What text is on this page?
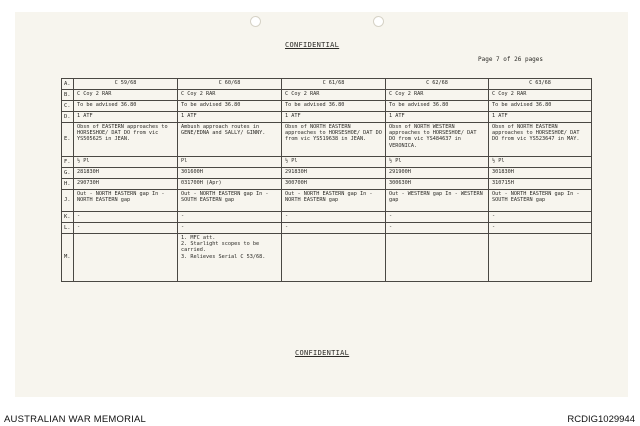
CONFIDENTIAL
Page 7 of 26 pages
A.	C 59/68	C 60/68	C 61/68	C 62/68	C 63/68
B.	C Coy 2 RAR	C Coy 2 RAR	C Coy 2 RAR	C Coy 2 RAR	C Coy 2 RAR
C.	To be advised 36.80	To be advised 36.80	To be advised 36.80	To be advised 36.80	To be advised 36.80
D.	1 ATF	1 ATF	1 ATF	1 ATF	1 ATF
E.	Obsn of EASTERN approaches to HORSESHOE/ DAT DO from vic YS505625 in JEAN.	Ambush approach routes in GENE/EDNA and SALLY/ GINNY.	Obsn of NORTH EASTERN approaches to HORSESHOE/ DAT DO from vic YS519638 in JEAN.	Obsn of NORTH WESTERN approaches to HORSESHOE/ DAT DO from vic YS484637 in VERONICA.	Obsn of NORTH EASTERN approaches to HORSESHOE/ DAT DO from vic YS523647 in MAY.
F.	½ Pl	Pl	½ Pl	½ Pl	½ Pl
G.	281830H	301600H	291830H	291900H	301830H
H.	290730H	031700H (Apr)	300700H	300630H	310715H
J.	Out - NORTH EASTERN gap In - NORTH EASTERN gap	Out - NORTH EASTERN gap In - SOUTH EASTERN gap	Out - NORTH EASTERN gap In - NORTH EASTERN gap	Out - WESTERN gap In - WESTERN gap	Out - NORTH EASTERN gap In - SOUTH EASTERN gap
K.	-	-	-	-	-
L.	-	-	-	-	-
M.		1. MFC att.
2. Starlight scopes to be carried.
3. Relieves Serial C 53/68.			
CONFIDENTIAL
AUSTRALIAN WAR MEMORIAL	RCDIG1029944
